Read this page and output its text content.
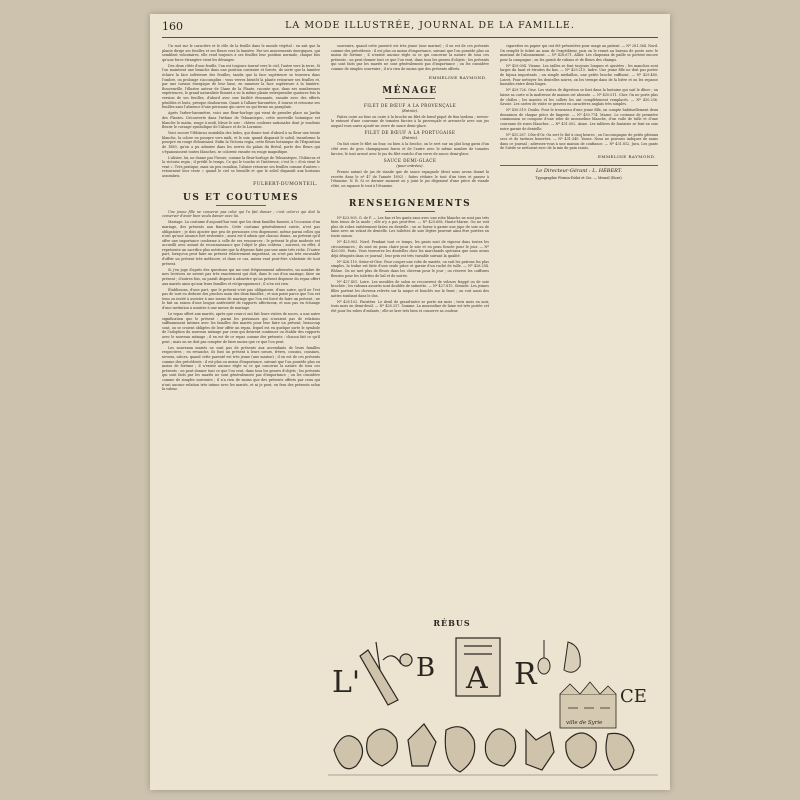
160	LA MODE ILLUSTRÉE, JOURNAL DE LA FAMILLE.

Un mot sur le caractère et le rôle de la feuille dans le monde végétal : en sait que la plante dirige ses feuilles et ses fleurs vers la lumière. Par ses mouvements énergiques, qui semblent volontaires, elle rend toujours à ses feuilles leur position normale, chaque fois qu'une force étrangère vient les déranger.

Des deux côtés d'une feuille, l'un est toujours tourné vers le ciel, l'autre vers la terre. Si l'on maintient une branche dans une position contraire et forcée, de sorte que la lumière éclaire la face inférieure des feuilles, tandis que la face supérieure se trouvera dans l'ombre, on prolonge s'accomplira : vous verrez bientôt la plante retourner ses feuilles et, par une torsion énergique de leur base, en ramener la face supérieure à la lumière. Boucenville, l'illustre auteur de l'Ame de la Plante, raconte que, dans ses nombreuses expériences, le grand naturaliste Bonnet a vu la même plante entreprendre quatorze fois la version de ses feuilles, d'abord avec une facilité étonnante, ensuite avec des efforts pénibles et lents, presque douloureux. Quant à l'allaier-baromètre, il tourne et retourne ses feuilles sans l'absence d'une personne qui carve ou qui ferme un parapluie.

Après l'arbre-baromètre, voici une fleur-horloge qui vient de prendre place au Jardin des Plantes. Découverte dans l'isthme de Tehuantepec, cette merveille botanique est blanche le matin, rouge à midi, bleue le soir : chères couleurs nationales dont je voudrais fleurir le corsage symbolique de l'Alsace et de la Lorraine.

Voici encore l'Hibiscus mutabilis des Indes, qui donne tout d'abord à sa fleur une teinte blanche, la colore en pourpre vers midi, et le soir, quand disparait le soleil, transforme la pourpre en rouge éblouissant. Enfin la Victoria regia, cette fleurs botanique de l'Exposition de 1889, qu'on a pu admirer dans les serres du palais du Brésil, porte des fleurs qui s'épanouissent toutes blanches, se colorent ensuite en rouge magnifique.

L'alisier, lui, ne donne pas l'heure, comme la fleur-horloge de Tehuantepec, l'hibiscus et la victoria regia ; il prédit le temps. Ce qui le touche et l'intéresse, c'est le « d'où vient le vent ». Très pratique, mais un peu cumilion, l'alisier retourne ses feuilles comme d'autres « retournent leur veste » quand le ciel se brouille et que le soleil disparaît aux horizons assombris.

FULBERT-DUMONTEIL.
US ET COUTUMES

Une jeune fille ne conserve pas celui qui l'a fait danser ; c'est celui-ci qui doit la conserver d'avoir bien voulu danser avec lui.

Mariage. La coutume d'aujourd'hui veut que les deux familles fassent, à l'occasion d'un mariage, des présents aux fiancés. Cette coutume généralement suivie, n'est pas obligatoire ; je dois ajouter que peu de personnes s'en dispensent, même parmi celles qui n'ont qu'une aisance fort restreinte ; aussi est-il admis que chacun donne, au présent qu'il offre une importance conforme à celle de ses ressources : le présent le plus modeste est accueilli avec autant de reconnaissance que l'objet le plus coûteux ; souvent, en effet, il représente un sacrifice plus méritoire que la dépense faite par une amie très riche. D'autre part, lorsqu'on peut faire un présent relativement important, on n'est pas très excusable d'offrir un présent très médiocre, et dans ce cas, mieux vaut peut-être s'abstenir de tout présent.

Si j'en juge d'après des questions qui me sont fréquemment adressées, un nombre de mes lectrices ne savent pas très exactement qui doit, dans le cas d'un mariage, faire un présent ; d'autres fois, on paraît disposé à admettre qu'un présent dispense du repas offert aux mariés ainsi qu'aux leurs familles et réciproquement ; il n'en est rien.

Établissons, d'une part, que le présent n'est pas obligatoire, d'une autre, qu'il ne l'est pas de tout en deduire des proches mais des deux familles ; et non point parce que l'on est tenu ou invité à assister à une messe de mariage que l'on est forcé de faire un présent ; ne le fait on raison d'une longue antériorité de rapports affectueux, et non pas en échange d'une invitation à assister à une messe de mariage.

Le repas offert aux mariés, après que ceux-ci ont fait leurs visites de noces, a une autre signification que le présent : parmi les personnes qui n'avaient pas de relations suffisamment intimes avec les familles des mariés pour leur faire un présent, beaucoup sont, ou se croient obligées de leur offrir un repas, lequel est en quelque sorte le symbole de l'adoption du nouveau ménage par ceux qui desirent continuer ou établir des rapports avec le nouveau ménage ; il en est de ce repas comme des présents : chacun fait ce qu'il peut ; mais on ne doit pas compter de faire moins que ce que l'on peut.

Les nouveaux mariés ne sont pas de présents aux ascendants de leurs familles respectives ; en revanche, ils font un présent à leurs sœurs, frères, cousins, cousines, neveux, nièces, quand cette parenté est très jeune (une marine) ; il en est de ces présents comme des précédents : il est plus ou moins d'importance, suivant que l'on possède plus ou moins de fortune ; il n'existe aucune règle ni ce qui concerne la nature de tous ces présents : on peut donner tout ce que l'on veut, dans tous les genres d'objets ; les présents qui sont faits par les mariés ne sont généralement pas d'importance ; on les considère comme de simples souvenirs ; il n'a rien de moins que des présents offerts par ceux qui n'ont aucune relation très intime avec les mariés, et ni je peut, en fera des présents selon la valeur.

souvenirs, quand cette parenté est très jeune (une marine) ; il en est de ces présents comme des précédents : il est plus ou moins d'importance, suivant que l'on possède plus ou moins de fortune ; il n'existe aucune règle ni ce qui concerne la nature de tous ces présents : on peut donner tout ce que l'on veut, dans tous les genres d'objets ; les présents qui sont faits par les mariés ne sont généralement pas d'importance ; on les considère comme de simples souvenirs ; il n'a rien de moins que des présents offerts.

EMMELINE RAYMOND.
MÉNAGE
FILET DE BŒUF A LA PROVENÇALE
(Entrée).

Faites cuire au four ou cuire à la broche un filet de bœuf piqué de fins lardons ; servez-le entouré d'une couronne de tomates farcies à la provençale et arrosez-le avec son jus auquel vous aurez ajouté un verre de sauce demi-glace.

FILET DE BŒUF A LA PORTUGAISE
(Entrée).

On fait cuire le filet au four, ou bien à la broche, on le sert sur un plat long garni d'un côté avec de gros champignons farcis et de l'autre avec le même nombre de tomates farcies, le tout arrosé avec le jus du filet enrichi d'un verre de sauce demi-glace.

SAUCE DEMI-GLACE
(pour entrées).

Prenez autant de jus de viande que de sauce espagnole (dont nous avons donné la recette dans le nº 47 de l'année 1892) ; faites réduire le tout d'un tiers et passez à l'étamine. N. B. Si ce dernier moment on y joint le jus dégraissé d'une pièce de viande rôtie, on rapasse le tout à l'étamine.

RENSEIGNEMENTS

Nº 423.905. G. de F. — Les bas et les gants sans avec une robe blanche ne sont pas très bien tenus de la mode ; elle n'y a pas peut-être. — Nº 425.658, Haute-Marne. On ne voit plus de robes entièrement faites en dentelle ; on se borne à garnir une jupe de soie ou de laine avec un volant de dentelle. Les toilettes de soie légère peuvent ainsi être portées en toute saison.

Nº 425.903. Nord. Pendant tout ce temps, les gants sont de rigueur dans toutes les circonstances ; ils sont en peau claire pour le soir et en peau foncée pour le jour. — Nº 426.005. Paris. Vous trouverez les dentelles chez les marchands spéciaux que nous avons déjà désignés dans ce journal ; leur prix est très variable suivant la qualité.

Nº 426.110. Seine-et-Oise. Pour couper une robe de mariée, on suit les patrons les plus simples, la traîne est faite d'une seule pièce et garnie d'un ruché de tulle. — Nº 426.254. Rhône. On ne met plus de fleurs dans les cheveux pour le jour ; on réserve les coiffures fleuries pour les toilettes de bal et de soirée.

Nº 427.401. Loire. Les meubles de salon se recouvrent de velours frappé ou de soie brochée ; les rideaux assortis sont doublés de satinette. — Nº 427.815. Gironde. Les jeunes filles portent les cheveux relevés sur la nuque et bouclés sur le front ; on voit aussi des nattes tombant dans le dos.

Nº 428.102. Finistère. Le deuil de grand-mère se porte six mois ; trois mois en noir, trois mois en demi-deuil. — Nº 428.337. Somme. La mousseline de laine est très portée cet été pour les robes d'enfants ; elle se lave très bien et conserve sa couleur.

cigarettes en papier qui ont été présentées pour usage au patient. — Nº 281.364. Nord. On remplit le ticket au nom de l'expéditeur, puis on le remet au bureau de poste avec le montant de l'abonnement. — Nº 428.671. Allier. Les chapeaux de paille se portent encore pour la campagne ; on les garnit de rubans et de fleurs des champs.

Nº 429.004. Vienne. Les tailles se font toujours longues et ajustées ; les manches sont larges du haut et étroites du bas. — Nº 429.215. Indre. Une jeune fille ne doit pas porter de bijoux importants ; un simple médaillon, une petite broche suffisent. — Nº 429.480. Loiret. Pour nettoyer les dentelles noires, on les trempe dans de la bière et on les repasse humides entre deux linges.

Nº 429.726. Oise. Les visites de digestion se font dans la huitaine qui suit le dîner ; on laisse sa carte si la maîtresse de maison est absente. — Nº 430.011. Cher. On ne porte plus de châles ; les mantes et les collets les ont complètement remplacés. — Nº 430.256. Savoie. Les cartes de visite se gravent en caractères anglais très simples.

Nº 430.519. Doubs. Pour le trousseau d'une jeune fille, on compte habituellement deux douzaines de chaque pièce de lingerie. — Nº 430.774. Marne. Le costume de première communion se compose d'une robe de mousseline blanche, d'un voile de tulle et d'une couronne de roses blanches. — Nº 431.002. Aisne. Les tabliers de fantaisie se font en soie noire garnie de dentelle.

Nº 431.287. Côte-d'Or. On sert le thé à cinq heures ; on l'accompagne de petits gâteaux secs et de tartines beurrées. — Nº 431.540. Yonne. Nous ne pouvons indiquer de noms dans ce journal ; adressez-vous à une maison de confiance. — Nº 431.812. Jura. Les gants de Suède se nettoient avec de la mie de pain rassis.

EMMELINE RAYMOND.
Le Directeur-Gérant : L. HÉBERT.
Typographie Firmin-Didot et Cie. — Mesnil (Eure).
RÉBUS
L' B A R
CE
ville de Syrie
